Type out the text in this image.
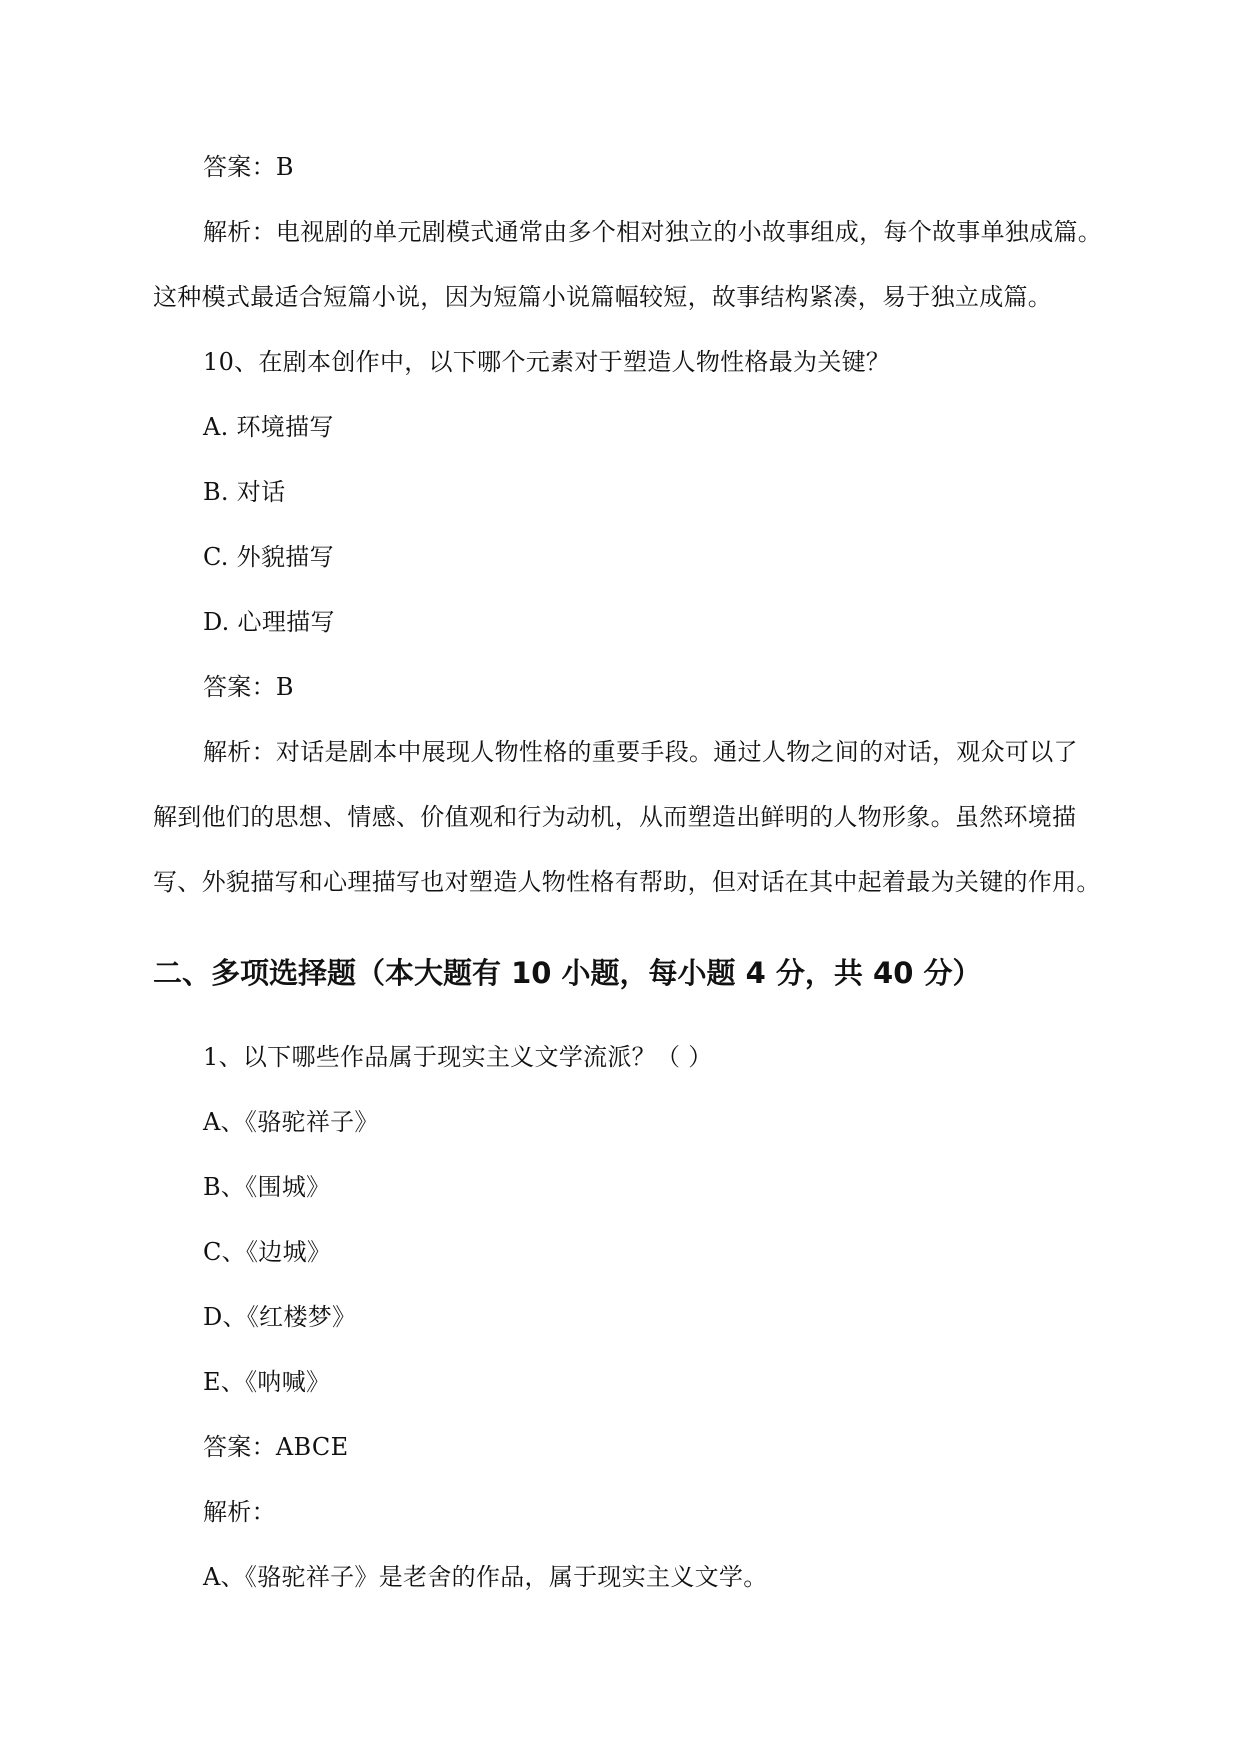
答案：B
解析：电视剧的单元剧模式通常由多个相对独立的小故事组成，每个故事单独成篇。
这种模式最适合短篇小说，因为短篇小说篇幅较短，故事结构紧凑，易于独立成篇。
10、在剧本创作中，以下哪个元素对于塑造人物性格最为关键？
A. 环境描写
B. 对话
C. 外貌描写
D. 心理描写
答案：B
解析：对话是剧本中展现人物性格的重要手段。通过人物之间的对话，观众可以了
解到他们的思想、情感、价值观和行为动机，从而塑造出鲜明的人物形象。虽然环境描
写、外貌描写和心理描写也对塑造人物性格有帮助，但对话在其中起着最为关键的作用。
二、多项选择题（本大题有 10 小题，每小题 4 分，共 40 分）
1、以下哪些作品属于现实主义文学流派？（ ）
A、《骆驼祥子》
B、《围城》
C、《边城》
D、《红楼梦》
E、《呐喊》
答案：ABCE
解析：
A、《骆驼祥子》是老舍的作品，属于现实主义文学。
